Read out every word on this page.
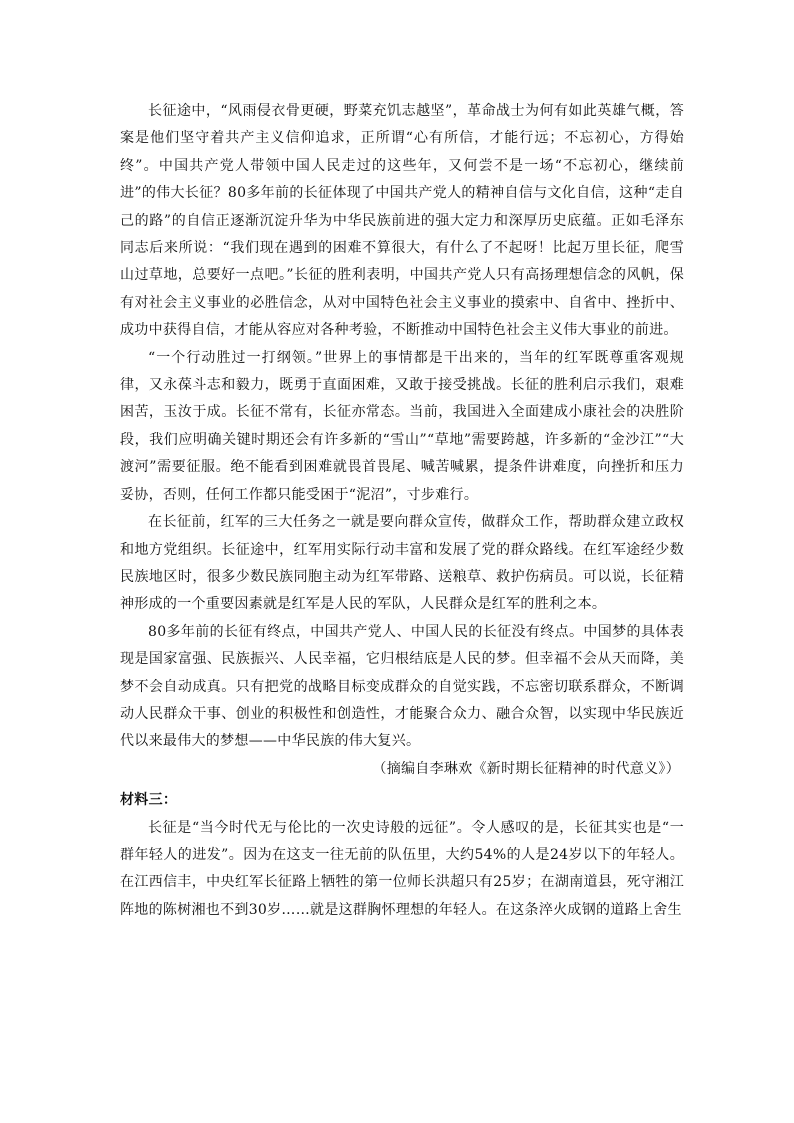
长征途中，“风雨侵衣骨更硬，野菜充饥志越坚”，革命战士为何有如此英雄气概，答案是他们坚守着共产主义信仰追求，正所谓“心有所信，才能行远；不忘初心，方得始终”。中国共产党人带领中国人民走过的这些年，又何尝不是一场“不忘初心，继续前进”的伟大长征？80多年前的长征体现了中国共产党人的精神自信与文化自信，这种“走自己的路”的自信正逐渐沉淀升华为中华民族前进的强大定力和深厚历史底蕴。正如毛泽东同志后来所说：“我们现在遇到的困难不算很大，有什么了不起呀！比起万里长征，爬雪山过草地，总要好一点吧。”长征的胜利表明，中国共产党人只有高扬理想信念的风帆，保有对社会主义事业的必胜信念，从对中国特色社会主义事业的摸索中、自省中、挫折中、成功中获得自信，才能从容应对各种考验，不断推动中国特色社会主义伟大事业的前进。

“一个行动胜过一打纲领。”世界上的事情都是干出来的，当年的红军既尊重客观规律，又永葆斗志和毅力，既勇于直面困难，又敢于接受挑战。长征的胜利启示我们，艰难困苦，玉汝于成。长征不常有，长征亦常态。当前，我国进入全面建成小康社会的决胜阶段，我们应明确关键时期还会有许多新的“雪山”“草地”需要跨越，许多新的“金沙江”“大渡河”需要征服。绝不能看到困难就畏首畏尾、喊苦喊累，提条件讲难度，向挫折和压力妥协，否则，任何工作都只能受困于“泥沼”，寸步难行。

在长征前，红军的三大任务之一就是要向群众宣传，做群众工作，帮助群众建立政权和地方党组织。长征途中，红军用实际行动丰富和发展了党的群众路线。在红军途经少数民族地区时，很多少数民族同胞主动为红军带路、送粮草、救护伤病员。可以说，长征精神形成的一个重要因素就是红军是人民的军队，人民群众是红军的胜利之本。

80多年前的长征有终点，中国共产党人、中国人民的长征没有终点。中国梦的具体表现是国家富强、民族振兴、人民幸福，它归根结底是人民的梦。但幸福不会从天而降，美梦不会自动成真。只有把党的战略目标变成群众的自觉实践，不忘密切联系群众，不断调动人民群众干事、创业的积极性和创造性，才能聚合众力、融合众智，以实现中华民族近代以来最伟大的梦想——中华民族的伟大复兴。

（摘编自李琳欢《新时期长征精神的时代意义》）

材料三：

长征是“当今时代无与伦比的一次史诗般的远征”。令人感叹的是，长征其实也是“一群年轻人的进发”。因为在这支一往无前的队伍里，大约54%的人是24岁以下的年轻人。在江西信丰，中央红军长征路上牺牲的第一位师长洪超只有25岁；在湖南道县，死守湘江阵地的陈树湘也不到30岁……就是这群胸怀理想的年轻人。在这条淬火成钢的道路上舍生
